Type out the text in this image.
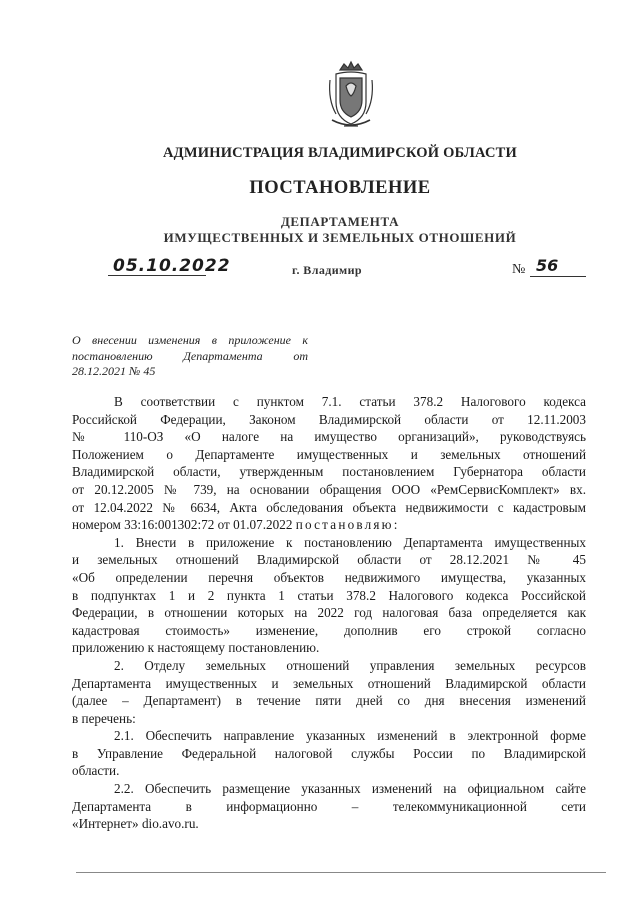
АДМИНИСТРАЦИЯ ВЛАДИМИРСКОЙ ОБЛАСТИ
ПОСТАНОВЛЕНИЕ
ДЕПАРТАМЕНТА
ИМУЩЕСТВЕННЫХ И ЗЕМЕЛЬНЫХ ОТНОШЕНИЙ
05.10.2022	г. Владимир	№ 56
О внесении изменения в приложение к
постановлению Департамента от
28.12.2021 № 45
В соответствии с пунктом 7.1. статьи 378.2 Налогового кодекса
Российской Федерации, Законом Владимирской области от 12.11.2003
№ 110-ОЗ «О налоге на имущество организаций», руководствуясь
Положением о Департаменте имущественных и земельных отношений
Владимирской области, утвержденным постановлением Губернатора области
от 20.12.2005 № 739, на основании обращения ООО «РемСервисКомплект» вх.
от 12.04.2022 № 6634, Акта обследования объекта недвижимости с кадастровым
номером 33:16:001302:72 от 01.07.2022 постановляю:
1. Внести в приложение к постановлению Департамента имущественных
и земельных отношений Владимирской области от 28.12.2021 № 45
«Об определении перечня объектов недвижимого имущества, указанных
в подпунктах 1 и 2 пункта 1 статьи 378.2 Налогового кодекса Российской
Федерации, в отношении которых на 2022 год налоговая база определяется как
кадастровая стоимость» изменение, дополнив его строкой согласно
приложению к настоящему постановлению.
2. Отделу земельных отношений управления земельных ресурсов
Департамента имущественных и земельных отношений Владимирской области
(далее – Департамент) в течение пяти дней со дня внесения изменений
в перечень:
2.1. Обеспечить направление указанных изменений в электронной форме
в Управление Федеральной налоговой службы России по Владимирской
области.
2.2. Обеспечить размещение указанных изменений на официальном сайте
Департамента в информационно – телекоммуникационной сети
«Интернет» dio.avo.ru.
